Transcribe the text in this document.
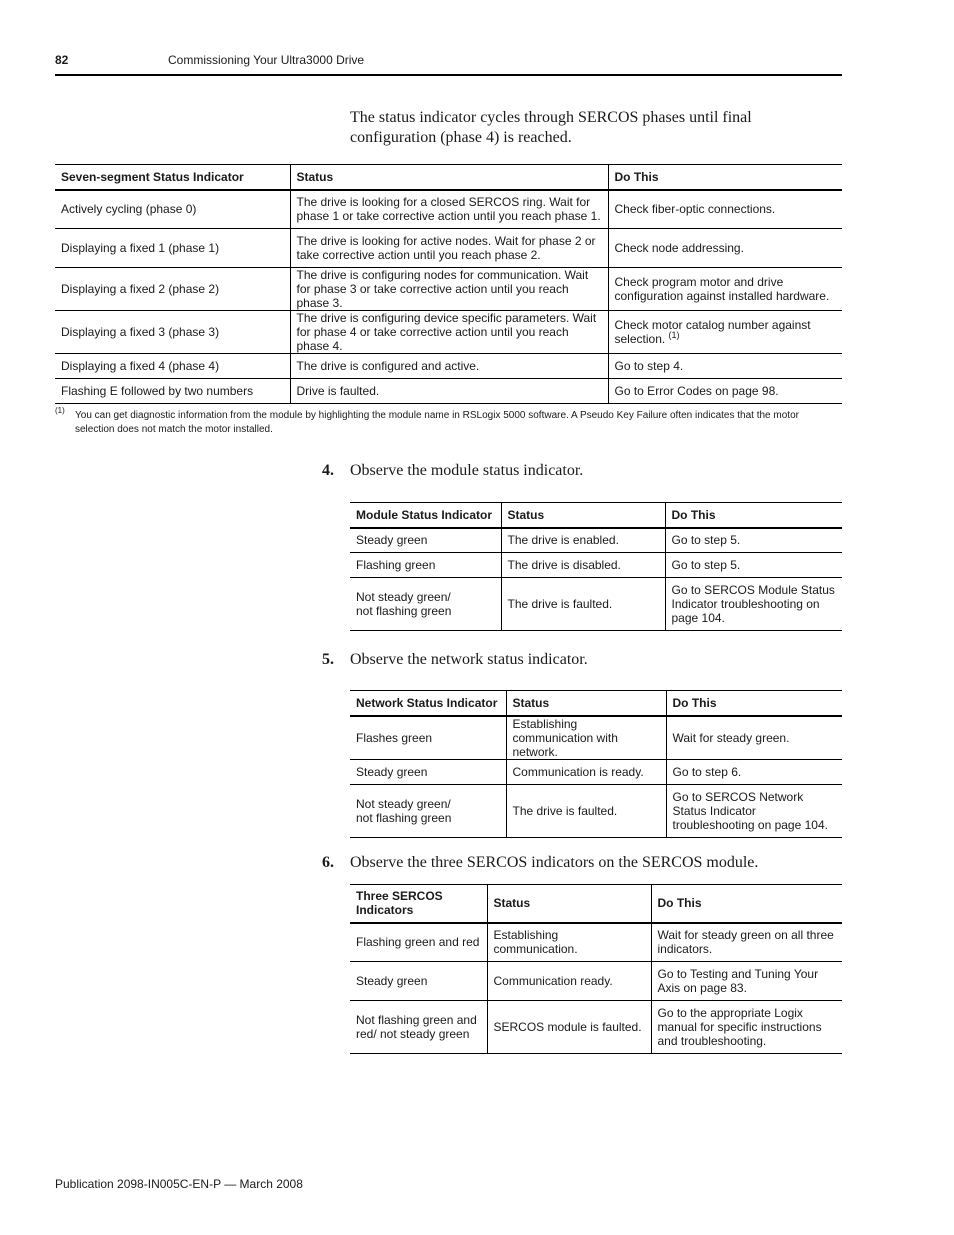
82	Commissioning Your Ultra3000 Drive

The status indicator cycles through SERCOS phases until final configuration (phase 4) is reached.

Seven-segment Status Indicator	Status	Do This
Actively cycling (phase 0)	The drive is looking for a closed SERCOS ring. Wait for phase 1 or take corrective action until you reach phase 1.	Check fiber-optic connections.
Displaying a fixed 1 (phase 1)	The drive is looking for active nodes. Wait for phase 2 or take corrective action until you reach phase 2.	Check node addressing.
Displaying a fixed 2 (phase 2)	The drive is configuring nodes for communication. Wait for phase 3 or take corrective action until you reach phase 3.	Check program motor and drive configuration against installed hardware.
Displaying a fixed 3 (phase 3)	The drive is configuring device specific parameters. Wait for phase 4 or take corrective action until you reach phase 4.	Check motor catalog number against selection. $^{(1)}$
Displaying a fixed 4 (phase 4)	The drive is configured and active.	Go to step 4.
Flashing E followed by two numbers	Drive is faulted.	Go to Error Codes on page 98.
(1) You can get diagnostic information from the module by highlighting the module name in RSLogix 5000 software. A Pseudo Key Failure often indicates that the motor selection does not match the motor installed.
4. Observe the module status indicator.
Module Status Indicator	Status	Do This
Steady green	The drive is enabled.	Go to step 5.
Flashing green	The drive is disabled.	Go to step 5.
Not steady green/
not flashing green	The drive is faulted.	Go to SERCOS Module Status Indicator troubleshooting on page 104.
5. Observe the network status indicator.
Network Status Indicator	Status	Do This
Flashes green	Establishing communication with network.	Wait for steady green.
Steady green	Communication is ready.	Go to step 6.
Not steady green/
not flashing green	The drive is faulted.	Go to SERCOS Network Status Indicator troubleshooting on page 104.
6. Observe the three SERCOS indicators on the SERCOS module.
Three SERCOS Indicators	Status	Do This
Flashing green and red	Establishing communication.	Wait for steady green on all three indicators.
Steady green	Communication ready.	Go to Testing and Tuning Your Axis on page 83.
Not flashing green and red/ not steady green	SERCOS module is faulted.	Go to the appropriate Logix manual for specific instructions and troubleshooting.
Publication 2098-IN005C-EN-P — March 2008
